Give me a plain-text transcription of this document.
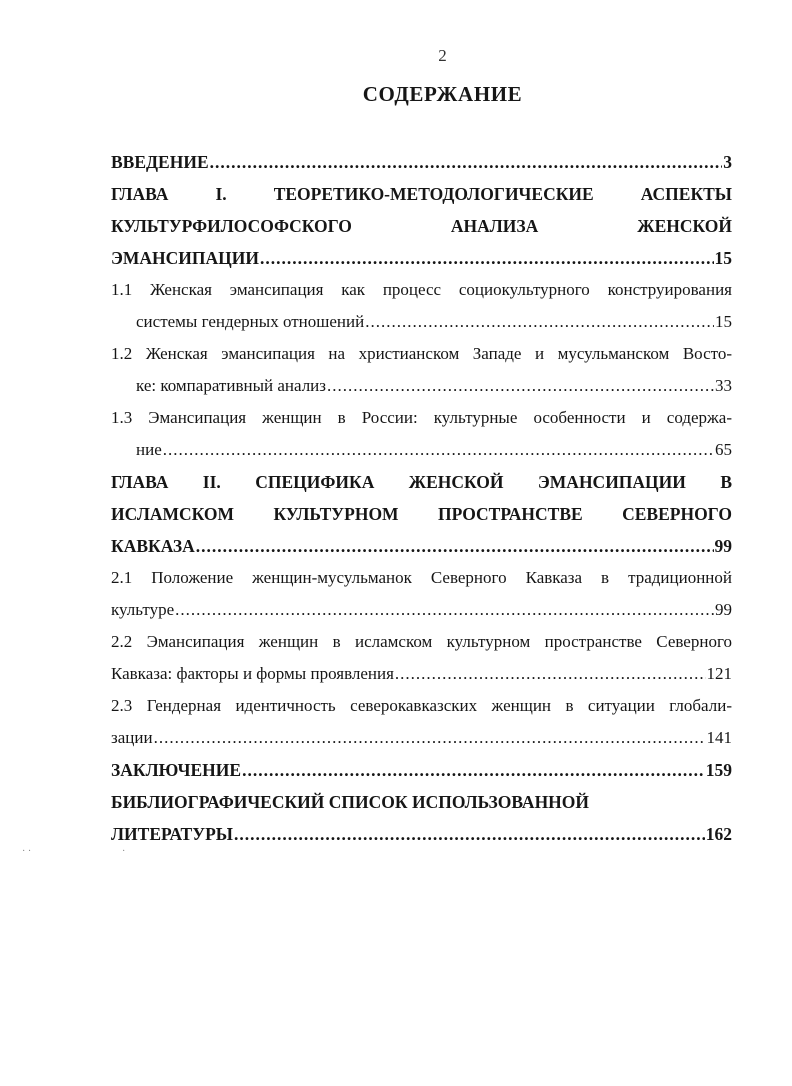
2
СОДЕРЖАНИЕ
ВВЕДЕНИЕ .....	3
ГЛАВА I. ТЕОРЕТИКО-МЕТОДОЛОГИЧЕСКИЕ АСПЕКТЫ
КУЛЬТУРФИЛОСОФСКОГО АНАЛИЗА ЖЕНСКОЙ
ЭМАНСИПАЦИИ .....	15
1.1 Женская эмансипация как процесс социокультурного конструирования
системы гендерных отношений .....	15
1.2 Женская эмансипация на христианском Западе и мусульманском Восто-
ке: компаративный анализ .....	33
1.3 Эмансипация женщин в России: культурные особенности и содержа-
ние .....	65
ГЛАВА II. СПЕЦИФИКА ЖЕНСКОЙ ЭМАНСИПАЦИИ В
ИСЛАМСКОМ КУЛЬТУРНОМ ПРОСТРАНСТВЕ СЕВЕРНОГО
КАВКАЗА .....	99
2.1 Положение женщин-мусульманок Северного Кавказа в традиционной
культуре .....	99
2.2 Эмансипация женщин в исламском культурном пространстве Северного
Кавказа: факторы и формы проявления .....	121
2.3 Гендерная идентичность северокавказских женщин в ситуации глобали-
зации .....	141
ЗАКЛЮЧЕНИЕ .....	159
БИБЛИОГРАФИЧЕСКИЙ СПИСОК ИСПОЛЬЗОВАННОЙ
ЛИТЕРАТУРЫ .....	162
· ·	·
